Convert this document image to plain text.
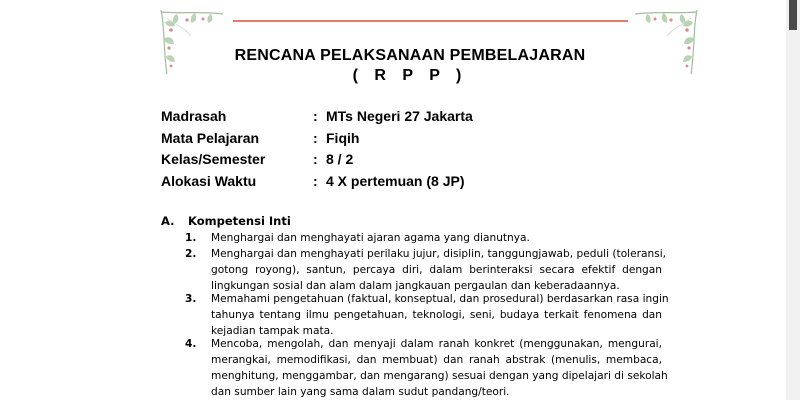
RENCANA PELAKSANAAN PEMBELAJARAN
( R P P )
Madrasah	: MTs Negeri 27 Jakarta
Mata Pelajaran	: Fiqih
Kelas/Semester	: 8 / 2
Alokasi Waktu	: 4 X pertemuan (8 JP)
A. Kompetensi Inti
1. Menghargai dan menghayati ajaran agama yang dianutnya.
2. Menghargai dan menghayati perilaku jujur, disiplin, tanggungjawab, peduli (toleransi,
gotong royong), santun, percaya diri, dalam berinteraksi secara efektif dengan
lingkungan sosial dan alam dalam jangkauan pergaulan dan keberadaannya.
3. Memahami pengetahuan (faktual, konseptual, dan prosedural) berdasarkan rasa ingin
tahunya tentang ilmu pengetahuan, teknologi, seni, budaya terkait fenomena dan
kejadian tampak mata.
4. Mencoba, mengolah, dan menyaji dalam ranah konkret (menggunakan, mengurai,
merangkai, memodifikasi, dan membuat) dan ranah abstrak (menulis, membaca,
menghitung, menggambar, dan mengarang) sesuai dengan yang dipelajari di sekolah
dan sumber lain yang sama dalam sudut pandang/teori.
